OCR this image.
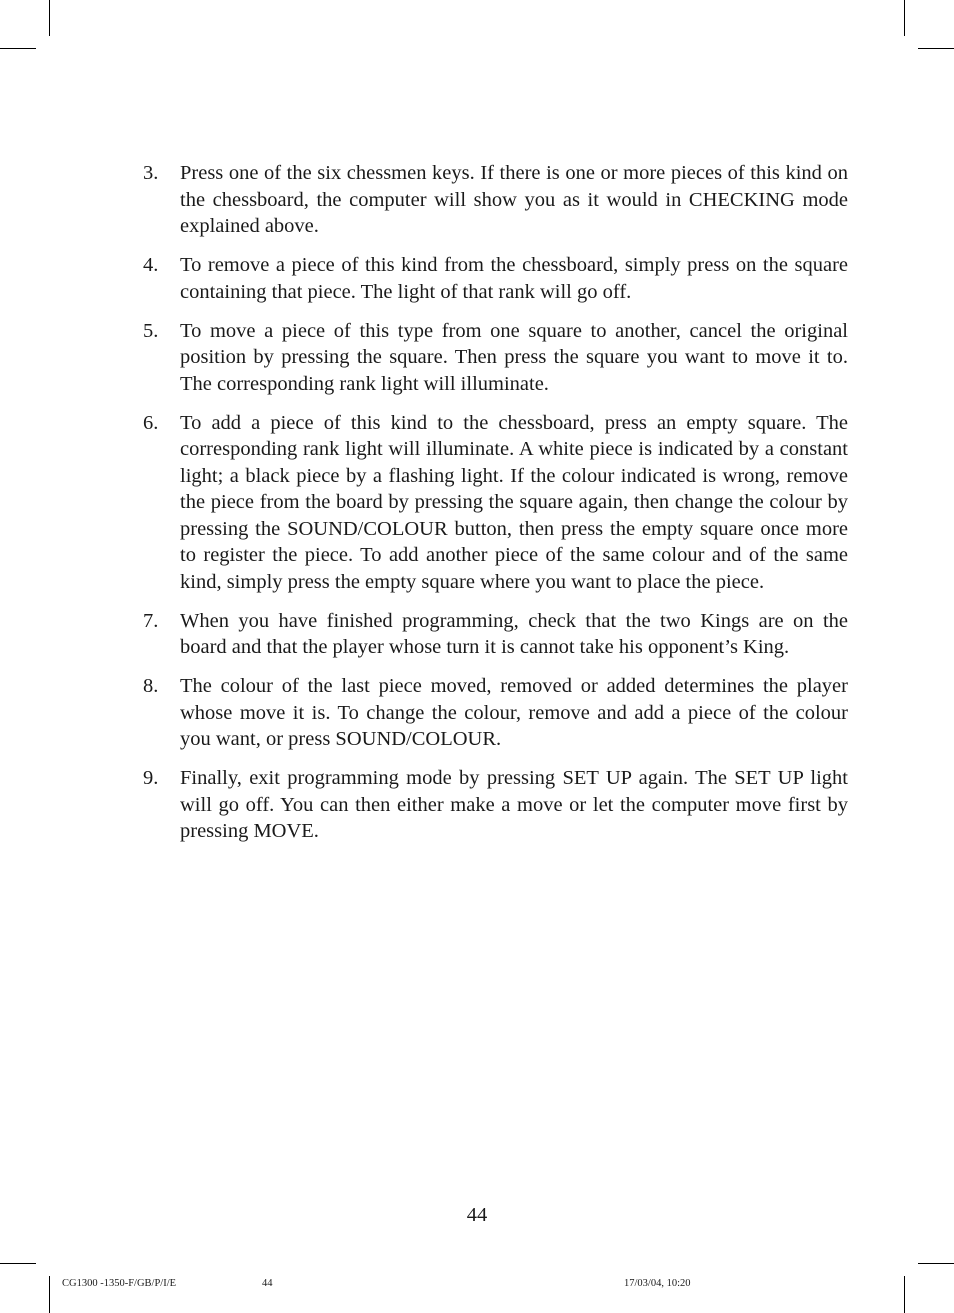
3. Press one of the six chessmen keys. If there is one or more pieces of this kind on the chessboard, the computer will show you as it would in CHECKING mode explained above.
4. To remove a piece of this kind from the chessboard, simply press on the square containing that piece. The light of that rank will go off.
5. To move a piece of this type from one square to another, cancel the original position by pressing the square. Then press the square you want to move it to. The corresponding rank light will illuminate.
6. To add a piece of this kind to the chessboard, press an empty square. The corresponding rank light will illuminate. A white piece is indicated by a constant light; a black piece by a flashing light. If the colour indicated is wrong, remove the piece from the board by pressing the square again, then change the colour by pressing the SOUND/COLOUR button, then press the empty square once more to register the piece. To add another piece of the same colour and of the same kind, simply press the empty square where you want to place the piece.
7. When you have finished programming, check that the two Kings are on the board and that the player whose turn it is cannot take his opponent’s King.
8. The colour of the last piece moved, removed or added determines the player whose move it is. To change the colour, remove and add a piece of the colour you want, or press SOUND/COLOUR.
9. Finally, exit programming mode by pressing SET UP again. The SET UP light will go off. You can then either make a move or let the computer move first by pressing MOVE.
44
CG1300 -1350-F/GB/P/I/E	44	17/03/04, 10:20
